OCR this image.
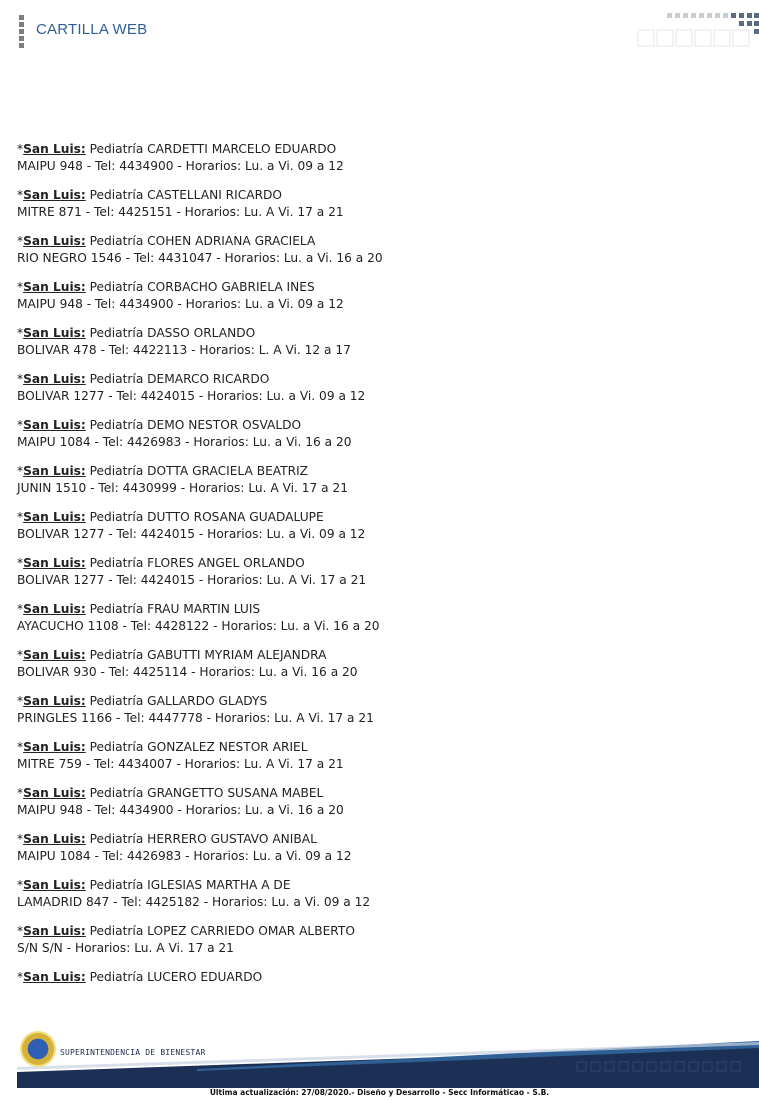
CARTILLA WEB
*San Luis: Pediatría CARDETTI MARCELO EDUARDO
MAIPU 948 - Tel: 4434900 - Horarios: Lu. a Vi. 09 a 12
*San Luis: Pediatría CASTELLANI RICARDO
MITRE 871 - Tel: 4425151 - Horarios: Lu. A Vi. 17 a 21
*San Luis: Pediatría COHEN ADRIANA GRACIELA
RIO NEGRO 1546 - Tel: 4431047 - Horarios: Lu. a Vi. 16 a 20
*San Luis: Pediatría CORBACHO GABRIELA INES
MAIPU 948 - Tel: 4434900 - Horarios: Lu. a Vi. 09 a 12
*San Luis: Pediatría DASSO ORLANDO
BOLIVAR 478 - Tel: 4422113 - Horarios: L. A Vi. 12 a 17
*San Luis: Pediatría DEMARCO RICARDO
BOLIVAR 1277 - Tel: 4424015 - Horarios: Lu. a Vi. 09 a 12
*San Luis: Pediatría DEMO NESTOR OSVALDO
MAIPU 1084 - Tel: 4426983 - Horarios: Lu. a Vi. 16 a 20
*San Luis: Pediatría DOTTA GRACIELA BEATRIZ
JUNIN 1510 - Tel: 4430999 - Horarios: Lu. A Vi. 17 a 21
*San Luis: Pediatría DUTTO ROSANA GUADALUPE
BOLIVAR 1277 - Tel: 4424015 - Horarios: Lu. a Vi. 09 a 12
*San Luis: Pediatría FLORES ANGEL ORLANDO
BOLIVAR 1277 - Tel: 4424015 - Horarios: Lu. A Vi. 17 a 21
*San Luis: Pediatría FRAU MARTIN LUIS
AYACUCHO 1108 - Tel: 4428122 - Horarios: Lu. a Vi. 16 a 20
*San Luis: Pediatría GABUTTI MYRIAM ALEJANDRA
BOLIVAR 930 - Tel: 4425114 - Horarios: Lu. a Vi. 16 a 20
*San Luis: Pediatría GALLARDO GLADYS
PRINGLES 1166 - Tel: 4447778 - Horarios: Lu. A Vi. 17 a 21
*San Luis: Pediatría GONZALEZ NESTOR ARIEL
MITRE 759 - Tel: 4434007 - Horarios: Lu. A Vi. 17 a 21
*San Luis: Pediatría GRANGETTO SUSANA MABEL
MAIPU 948 - Tel: 4434900 - Horarios: Lu. a Vi. 16 a 20
*San Luis: Pediatría HERRERO GUSTAVO ANIBAL
MAIPU 1084 - Tel: 4426983 - Horarios: Lu. a Vi. 09 a 12
*San Luis: Pediatría IGLESIAS MARTHA A DE
LAMADRID 847 - Tel: 4425182 - Horarios: Lu. a Vi. 09 a 12
*San Luis: Pediatría LOPEZ CARRIEDO OMAR ALBERTO
S/N S/N - Horarios: Lu. A Vi. 17 a 21
*San Luis: Pediatría LUCERO EDUARDO
SUPERINTENDENCIA DE BIENESTAR
Última actualización: 27/08/2020.- Diseño y Desarrollo - Secc Informáticao - S.B.
